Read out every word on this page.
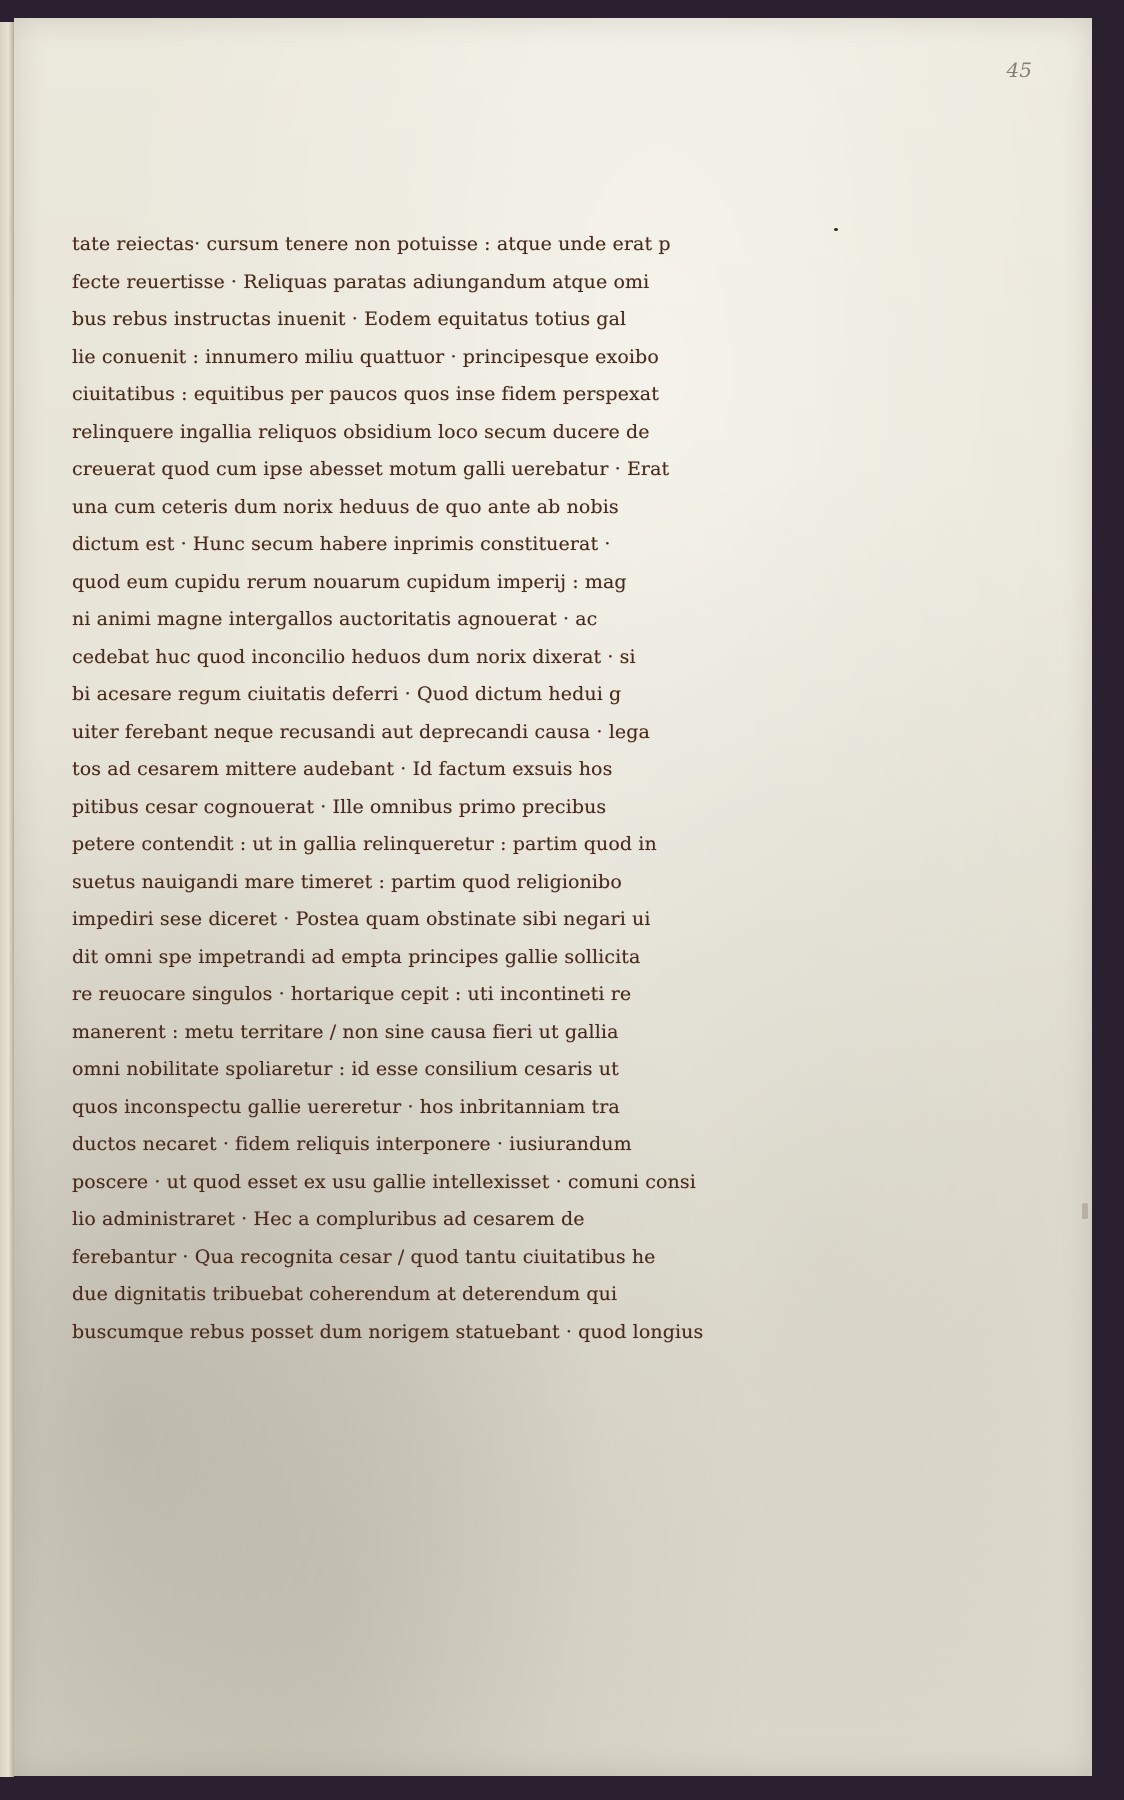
45
tate reiectas· cursum tenere non potuisse : atque unde erat p
fecte reuertisse · Reliquas paratas adiungandum atque omi
bus rebus instructas inuenit · Eodem equitatus totius gal
lie conuenit : innumero miliu quattuor · principesque exoibo
ciuitatibus : equitibus per paucos quos inse fidem perspexat
relinquere ingallia reliquos obsidium loco secum ducere de
creuerat quod cum ipse abesset motum galli uerebatur · Erat
una cum ceteris dum norix heduus de quo ante ab nobis
dictum est · Hunc secum habere inprimis constituerat ·
quod eum cupidu rerum nouarum cupidum imperij : mag
ni animi magne intergallos auctoritatis agnouerat · ac
cedebat huc quod inconcilio heduos dum norix dixerat · si
bi acesare regum ciuitatis deferri · Quod dictum hedui g
uiter ferebant neque recusandi aut deprecandi causa · lega
tos ad cesarem mittere audebant · Id factum exsuis hos
pitibus cesar cognouerat · Ille omnibus primo precibus
petere contendit : ut in gallia relinqueretur : partim quod in
suetus nauigandi mare timeret : partim quod religionibo
impediri sese diceret · Postea quam obstinate sibi negari ui
dit omni spe impetrandi ad empta principes gallie sollicita
re reuocare singulos · hortarique cepit : uti incontineti re
manerent : metu territare / non sine causa fieri ut gallia
omni nobilitate spoliaretur : id esse consilium cesaris ut
quos inconspectu gallie uereretur · hos inbritanniam tra
ductos necaret · fidem reliquis interponere · iusiurandum
poscere · ut quod esset ex usu gallie intellexisset · comuni consi
lio administraret · Hec a compluribus ad cesarem de
ferebantur · Qua recognita cesar / quod tantu ciuitatibus he
due dignitatis tribuebat coherendum at deterendum qui
buscumque rebus posset dum norigem statuebant · quod longius
